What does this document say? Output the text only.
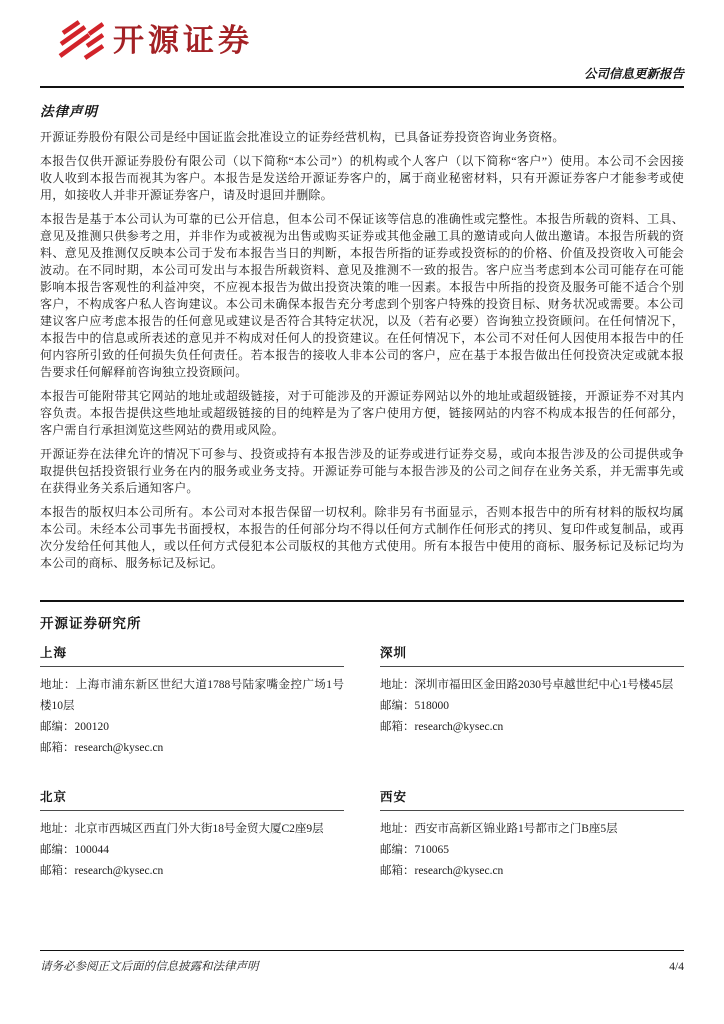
开源证券
公司信息更新报告
法律声明

开源证券股份有限公司是经中国证监会批准设立的证券经营机构，已具备证券投资咨询业务资格。

本报告仅供开源证券股份有限公司（以下简称“本公司”）的机构或个人客户（以下简称“客户”）使用。本公司不会因接收人收到本报告而视其为客户。本报告是发送给开源证券客户的，属于商业秘密材料，只有开源证券客户才能参考或使用，如接收人并非开源证券客户，请及时退回并删除。

本报告是基于本公司认为可靠的已公开信息，但本公司不保证该等信息的准确性或完整性。本报告所载的资料、工具、意见及推测只供参考之用，并非作为或被视为出售或购买证券或其他金融工具的邀请或向人做出邀请。本报告所载的资料、意见及推测仅反映本公司于发布本报告当日的判断，本报告所指的证券或投资标的的价格、价值及投资收入可能会波动。在不同时期，本公司可发出与本报告所载资料、意见及推测不一致的报告。客户应当考虑到本公司可能存在可能影响本报告客观性的利益冲突，不应视本报告为做出投资决策的唯一因素。本报告中所指的投资及服务可能不适合个别客户，不构成客户私人咨询建议。本公司未确保本报告充分考虑到个别客户特殊的投资目标、财务状况或需要。本公司建议客户应考虑本报告的任何意见或建议是否符合其特定状况，以及（若有必要）咨询独立投资顾问。在任何情况下，本报告中的信息或所表述的意见并不构成对任何人的投资建议。在任何情况下，本公司不对任何人因使用本报告中的任何内容所引致的任何损失负任何责任。若本报告的接收人非本公司的客户，应在基于本报告做出任何投资决定或就本报告要求任何解释前咨询独立投资顾问。

本报告可能附带其它网站的地址或超级链接，对于可能涉及的开源证券网站以外的地址或超级链接，开源证券不对其内容负责。本报告提供这些地址或超级链接的目的纯粹是为了客户使用方便，链接网站的内容不构成本报告的任何部分，客户需自行承担浏览这些网站的费用或风险。

开源证券在法律允许的情况下可参与、投资或持有本报告涉及的证券或进行证券交易，或向本报告涉及的公司提供或争取提供包括投资银行业务在内的服务或业务支持。开源证券可能与本报告涉及的公司之间存在业务关系，并无需事先或在获得业务关系后通知客户。

本报告的版权归本公司所有。本公司对本报告保留一切权利。除非另有书面显示，否则本报告中的所有材料的版权均属本公司。未经本公司事先书面授权，本报告的任何部分均不得以任何方式制作任何形式的拷贝、复印件或复制品，或再次分发给任何其他人，或以任何方式侵犯本公司版权的其他方式使用。所有本报告中使用的商标、服务标记及标记均为本公司的商标、服务标记及标记。

开源证券研究所
上海
地址：上海市浦东新区世纪大道1788号陆家嘴金控广场1号楼10层
邮编：200120
邮箱：research@kysec.cn
深圳
地址：深圳市福田区金田路2030号卓越世纪中心1号楼45层
邮编：518000
邮箱：research@kysec.cn
北京
地址：北京市西城区西直门外大街18号金贸大厦C2座9层
邮编：100044
邮箱：research@kysec.cn
西安
地址：西安市高新区锦业路1号都市之门B座5层
邮编：710065
邮箱：research@kysec.cn
请务必参阅正文后面的信息披露和法律声明	4/4
